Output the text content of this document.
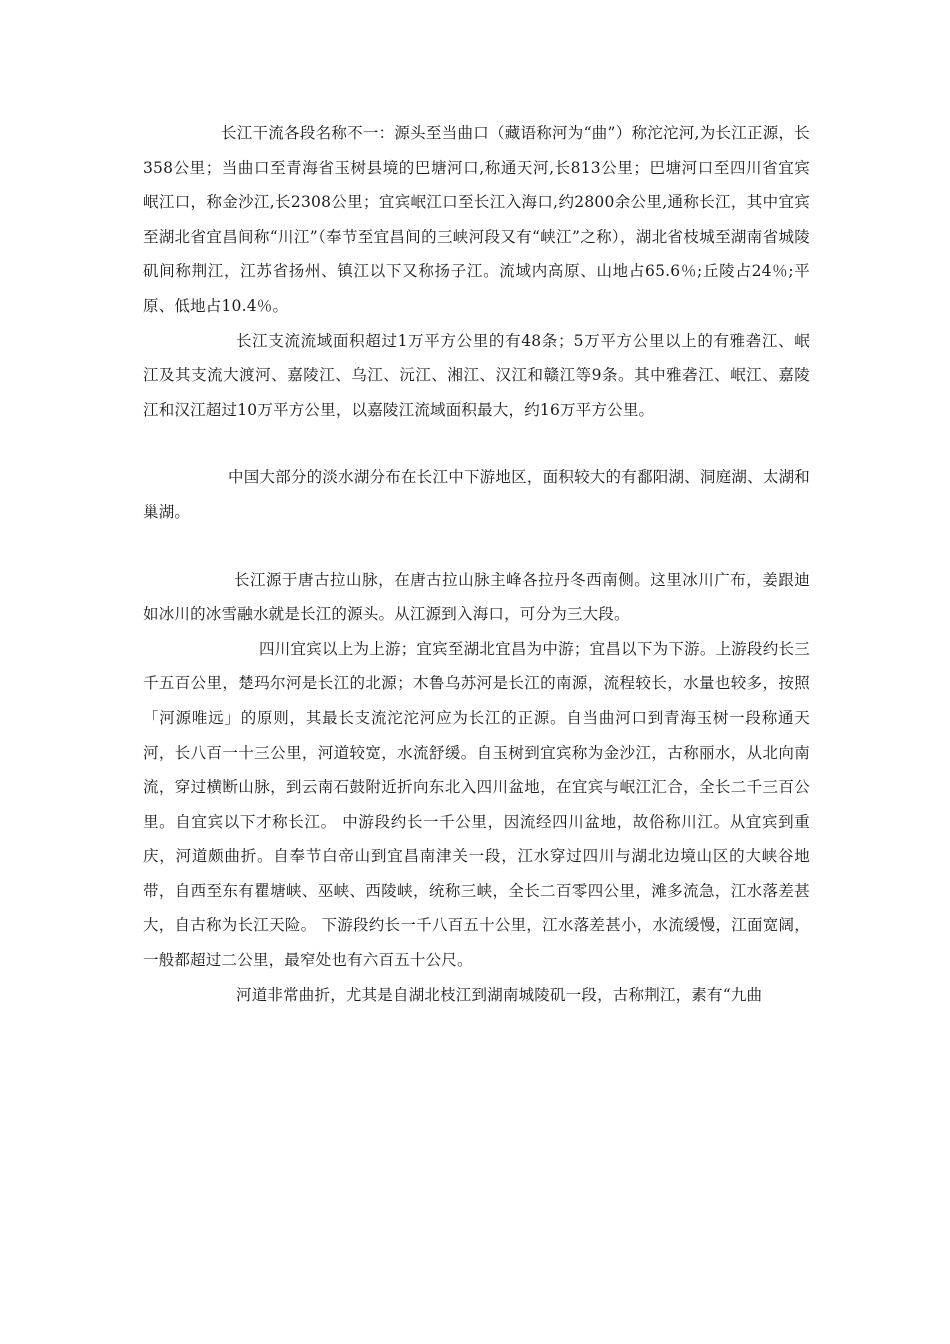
长江干流各段名称不一：源头至当曲口（藏语称河为“曲”）称沱沱河,为长江正源，长358公里；当曲口至青海省玉树县境的巴塘河口,称通天河,长813公里；巴塘河口至四川省宜宾岷江口，称金沙江,长2308公里；宜宾岷江口至长江入海口,约2800余公里,通称长江，其中宜宾至湖北省宜昌间称“川江”（奉节至宜昌间的三峡河段又有“峡江”之称），湖北省枝城至湖南省城陵矶间称荆江，江苏省扬州、镇江以下又称扬子江。流域内高原、山地占65.6％;丘陵占24％;平原、低地占10.4％。

长江支流流域面积超过1万平方公里的有48条；5万平方公里以上的有雅砻江、岷江及其支流大渡河、嘉陵江、乌江、沅江、湘江、汉江和赣江等9条。其中雅砻江、岷江、嘉陵江和汉江超过10万平方公里，以嘉陵江流域面积最大，约16万平方公里。

中国大部分的淡水湖分布在长江中下游地区，面积较大的有鄱阳湖、洞庭湖、太湖和巢湖。

长江源于唐古拉山脉，在唐古拉山脉主峰各拉丹冬西南侧。这里冰川广布，姜跟迪如冰川的冰雪融水就是长江的源头。从江源到入海口，可分为三大段。

四川宜宾以上为上游；宜宾至湖北宜昌为中游；宜昌以下为下游。上游段约长三千五百公里，楚玛尔河是长江的北源；木鲁乌苏河是长江的南源，流程较长，水量也较多，按照「河源唯远」的原则，其最长支流沱沱河应为长江的正源。自当曲河口到青海玉树一段称通天河，长八百一十三公里，河道较宽，水流舒缓。自玉树到宜宾称为金沙江，古称丽水，从北向南流，穿过横断山脉，到云南石鼓附近折向东北入四川盆地，在宜宾与岷江汇合，全长二千三百公里。自宜宾以下才称长江。 中游段约长一千公里，因流经四川盆地，故俗称川江。从宜宾到重庆，河道颇曲折。自奉节白帝山到宜昌南津关一段，江水穿过四川与湖北边境山区的大峡谷地带，自西至东有瞿塘峡、巫峡、西陵峡，统称三峡，全长二百零四公里，滩多流急，江水落差甚大，自古称为长江天险。 下游段约长一千八百五十公里，江水落差甚小，水流缓慢，江面宽阔，一般都超过二公里，最窄处也有六百五十公尺。

河道非常曲折，尤其是自湖北枝江到湖南城陵矶一段，古称荆江，素有“九曲
